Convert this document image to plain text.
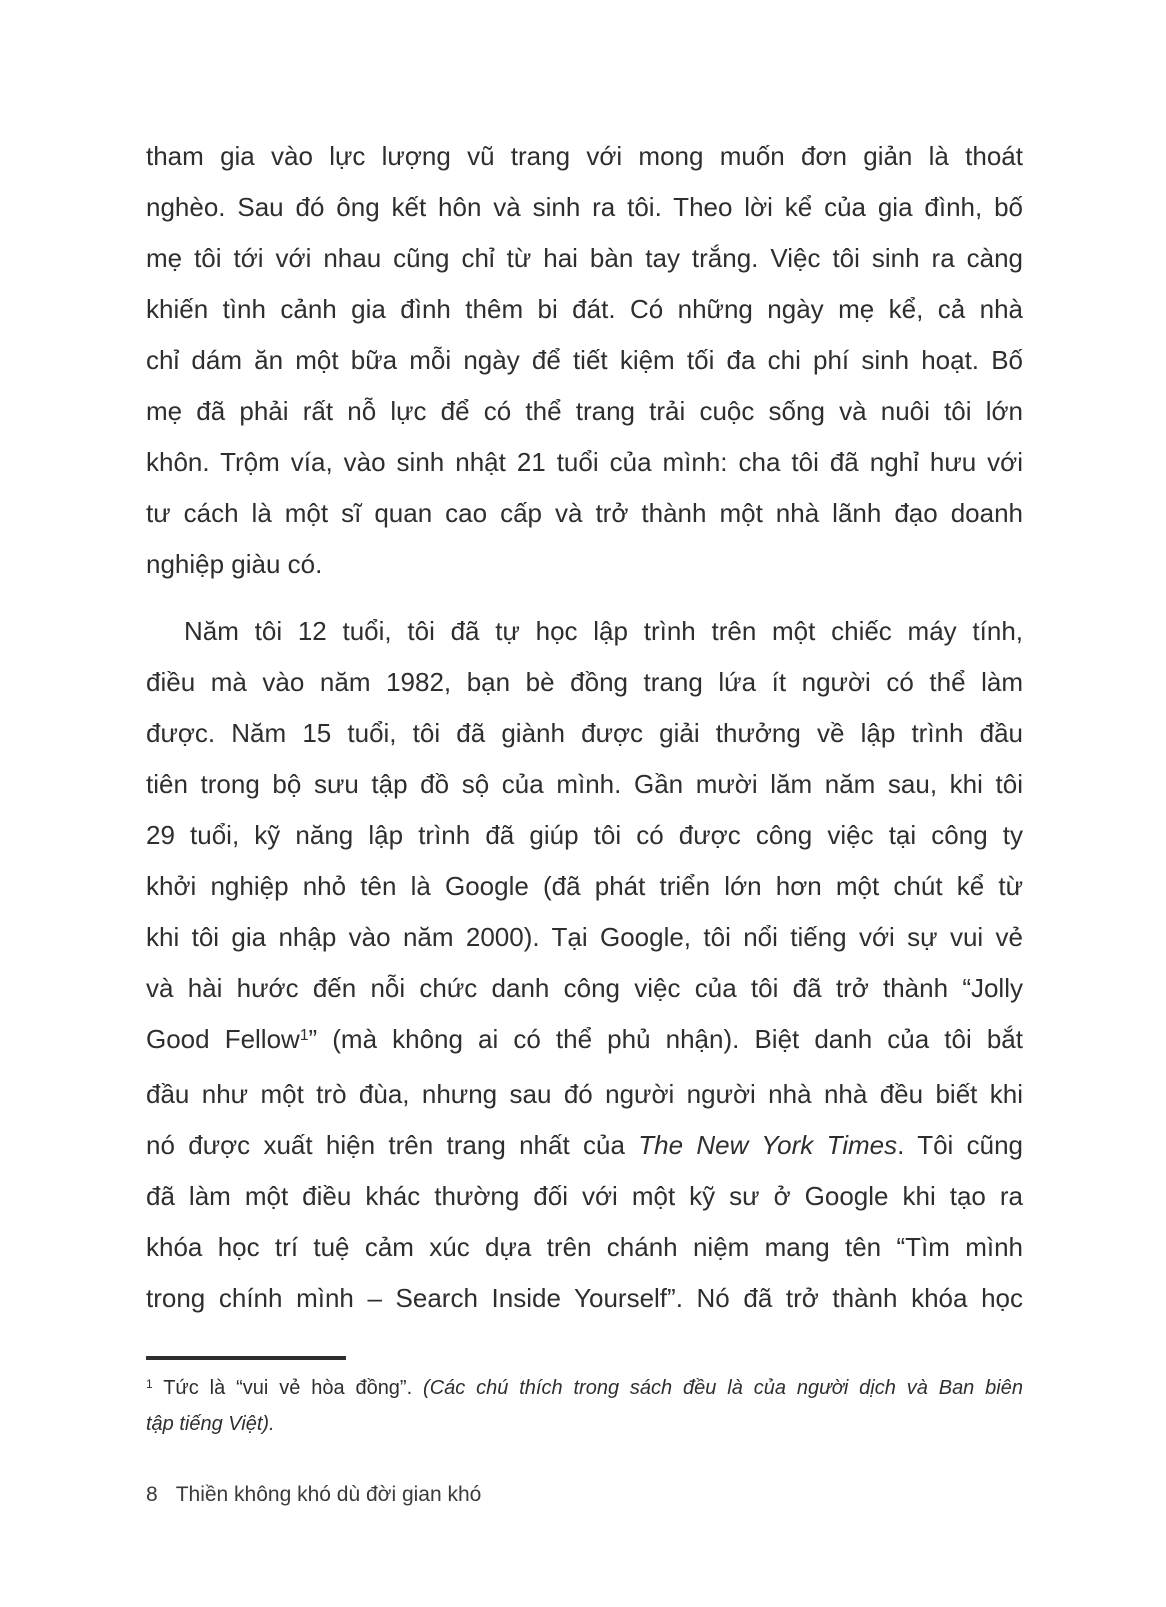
tham gia vào lực lượng vũ trang với mong muốn đơn giản là thoát
nghèo. Sau đó ông kết hôn và sinh ra tôi. Theo lời kể của gia đình, bố
mẹ tôi tới với nhau cũng chỉ từ hai bàn tay trắng. Việc tôi sinh ra càng
khiến tình cảnh gia đình thêm bi đát. Có những ngày mẹ kể, cả nhà
chỉ dám ăn một bữa mỗi ngày để tiết kiệm tối đa chi phí sinh hoạt. Bố
mẹ đã phải rất nỗ lực để có thể trang trải cuộc sống và nuôi tôi lớn
khôn. Trộm vía, vào sinh nhật 21 tuổi của mình: cha tôi đã nghỉ hưu với
tư cách là một sĩ quan cao cấp và trở thành một nhà lãnh đạo doanh
nghiệp giàu có.
Năm tôi 12 tuổi, tôi đã tự học lập trình trên một chiếc máy tính,
điều mà vào năm 1982, bạn bè đồng trang lứa ít người có thể làm
được. Năm 15 tuổi, tôi đã giành được giải thưởng về lập trình đầu
tiên trong bộ sưu tập đồ sộ của mình. Gần mười lăm năm sau, khi tôi
29 tuổi, kỹ năng lập trình đã giúp tôi có được công việc tại công ty
khởi nghiệp nhỏ tên là Google (đã phát triển lớn hơn một chút kể từ
khi tôi gia nhập vào năm 2000). Tại Google, tôi nổi tiếng với sự vui vẻ
và hài hước đến nỗi chức danh công việc của tôi đã trở thành “Jolly
Good Fellow$^1$” (mà không ai có thể phủ nhận). Biệt danh của tôi bắt
đầu như một trò đùa, nhưng sau đó người người nhà nhà đều biết khi
nó được xuất hiện trên trang nhất của The New York Times. Tôi cũng
đã làm một điều khác thường đối với một kỹ sư ở Google khi tạo ra
khóa học trí tuệ cảm xúc dựa trên chánh niệm mang tên “Tìm mình
trong chính mình – Search Inside Yourself”. Nó đã trở thành khóa học
$^1$ Tức là “vui vẻ hòa đồng”. (Các chú thích trong sách đều là của người dịch và Ban biên
tập tiếng Việt).
8 Thiền không khó dù đời gian khó
